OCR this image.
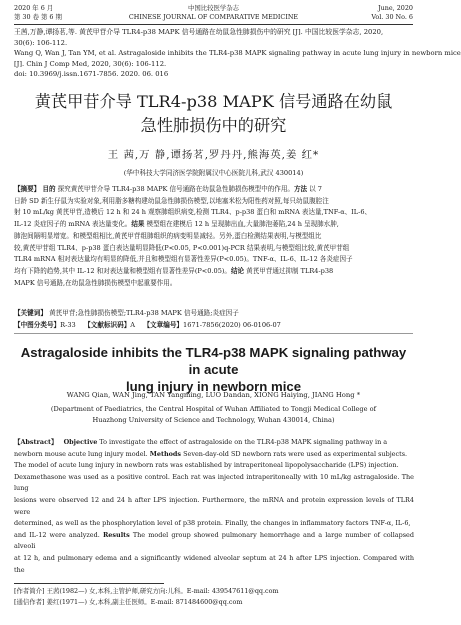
2020 年 6 月
第 30 卷 第 6 期
中国比较医学杂志
CHINESE JOURNAL OF COMPARATIVE MEDICINE
June, 2020
Vol. 30 No. 6
王茜,万静,谭扬茗,等. 黄芪甲苷介导 TLR4-p38 MAPK 信号通路在幼鼠急性肺损伤中的研究 [J]. 中国比较医学杂志, 2020,
30(6): 106-112.
Wang Q, Wan J, Tan YM, et al. Astragaloside inhibits the TLR4-p38 MAPK signaling pathway in acute lung injury in newborn mice
[J]. Chin J Comp Med, 2020, 30(6): 106-112.
doi: 10.3969/j.issn.1671-7856. 2020. 06. 016
黄芪甲苷介导 TLR4-p38 MAPK 信号通路在幼鼠
急性肺损伤中的研究
王 茜,万 静,谭扬茗,罗丹丹,熊海英,姜 红*
(华中科技大学同济医学院附属汉中心医院儿科,武汉 430014)
【摘要】 目的 探究黄芪甲苷介导 TLR4-p38 MAPK 信号通路在幼鼠急性肺损伤模型中的作用。方法 以 7
日龄 SD 新生仔鼠为实验对象,利用脂多糖构建幼鼠急性肺损伤模型,以地塞米松为阳性药对照,每只幼鼠腹腔注
射 10 mL/kg 黄芪甲苷,造模后 12 h 和 24 h 观察肺组织病变,检测 TLR4、p-p38 蛋白和 mRNA 表达量,TNF-α、IL-6、
IL-12 炎症因子的 mRNA 表达量变化。结果 模型组在建模后 12 h 呈现肺出血,大量肺泡萎陷,24 h 呈现肺水肿,
肺泡间隔明显增宽。和模型组相比,黄芪甲苷组肺组织的病变明显减轻。另外,蛋白检测结果表明,与模型组比
较,黄芪甲苷组 TLR4、p-p38 蛋白表达量明显降低(P<0.05, P<0.001)q-PCR 结果表明,与模型组比较,黄芪甲苷组
TLR4 mRNA 相对表达量均有明显的降低,并且和模型组有显著性差异(P<0.05)。TNF-α、IL-6、IL-12 各炎症因子
均有下降的趋势,其中 IL-12 和对表达量和模型组有显著性差异(P<0.05)。结论 黄芪甲苷通过抑制 TLR4-p38
MAPK 信号通路,在幼鼠急性肺损伤模型中起重要作用。
【关键词】 黄芪甲苷;急性肺损伤模型;TLR4-p38 MAPK 信号通路;炎症因子
【中图分类号】R-33 【文献标识码】A 【文章编号】1671-7856(2020) 06-0106-07
Astragaloside inhibits the TLR4-p38 MAPK signaling pathway in acute
lung injury in newborn mice
WANG Qian, WAN Jing, TAN Yangming, LUO Dandan, XIONG Haiying, JIANG Hong *
(Department of Paediatrics, the Central Hospital of Wuhan Affiliated to Tongji Medical College of
Huazhong University of Science and Technology, Wuhan 430014, China)
【Abstract】 Objective To investigate the effect of astragaloside on the TLR4-p38 MAPK signaling pathway in a
newborn mouse acute lung injury model. Methods Seven-day-old SD newborn rats were used as experimental subjects.
The model of acute lung injury in newborn rats was established by intraperitoneal lipopolysaccharide (LPS) injection.
Dexamethasone was used as a positive control. Each rat was injected intraperitoneally with 10 mL/kg astragaloside. The lung
lesions were observed 12 and 24 h after LPS injection. Furthermore, the mRNA and protein expression levels of TLR4 were
determined, as well as the phosphorylation level of p38 protein. Finally, the changes in inflammatory factors TNF-α, IL-6,
and IL-12 were analyzed. Results The model group showed pulmonary hemorrhage and a large number of collapsed alveoli
at 12 h, and pulmonary edema and a significantly widened alveolar septum at 24 h after LPS injection. Compared with the
[作者简介] 王茜(1982—) 女,本科,主管护师,研究方向:儿科。E-mail: 439547611@qq.com
[通信作者] 姜红(1971—) 女,本科,副主任医师。E-mail: 871484600@qq.com
